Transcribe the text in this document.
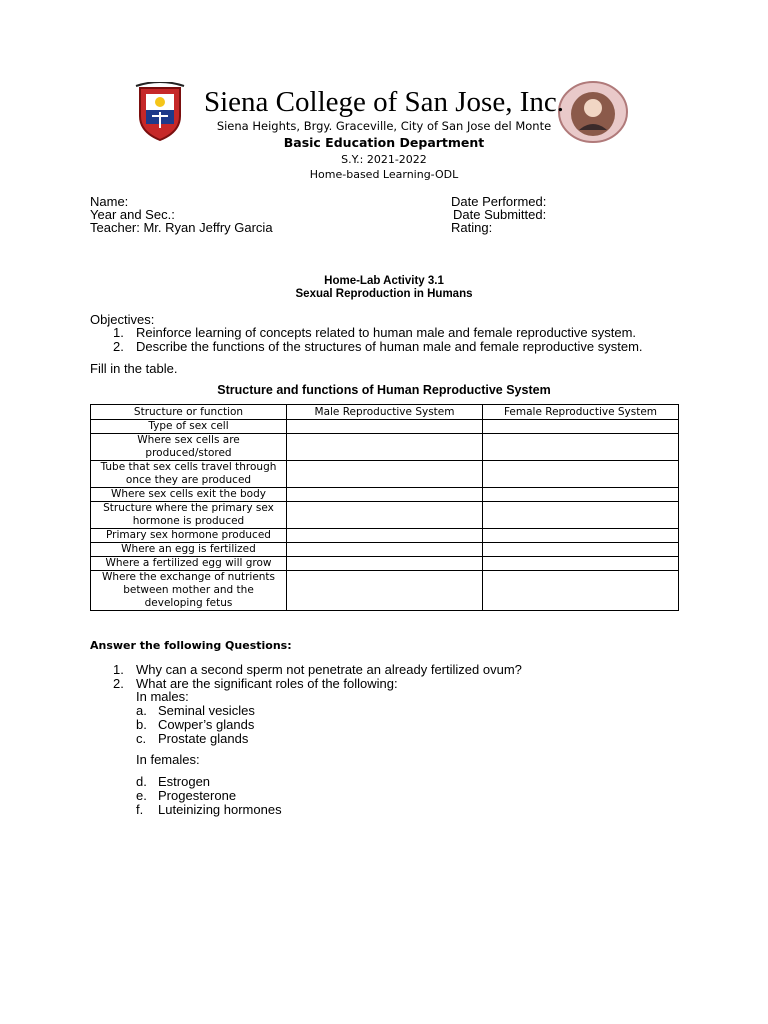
Siena College of San Jose, Inc.
Siena Heights, Brgy. Graceville, City of San Jose del Monte
Basic Education Department
S.Y.: 2021-2022
Home-based Learning-ODL
Name:
Year and Sec.:
Teacher: Mr. Ryan Jeffry Garcia
Date Performed:
Date Submitted:
Rating:
Home-Lab Activity 3.1
Sexual Reproduction in Humans
Objectives:
1. Reinforce learning of concepts related to human male and female reproductive system.
2. Describe the functions of the structures of human male and female reproductive system.
Fill in the table.
Structure and functions of Human Reproductive System
Structure or function	Male Reproductive System	Female Reproductive System
Type of sex cell		
Where sex cells are produced/stored		
Tube that sex cells travel through once they are produced		
Where sex cells exit the body		
Structure where the primary sex hormone is produced		
Primary sex hormone produced		
Where an egg is fertilized		
Where a fertilized egg will grow		
Where the exchange of nutrients between mother and the developing fetus		
Answer the following Questions:
1. Why can a second sperm not penetrate an already fertilized ovum?
2. What are the significant roles of the following:
In males:
a. Seminal vesicles
b. Cowper’s glands
c. Prostate glands
In females:
d. Estrogen
e. Progesterone
f. Luteinizing hormones
